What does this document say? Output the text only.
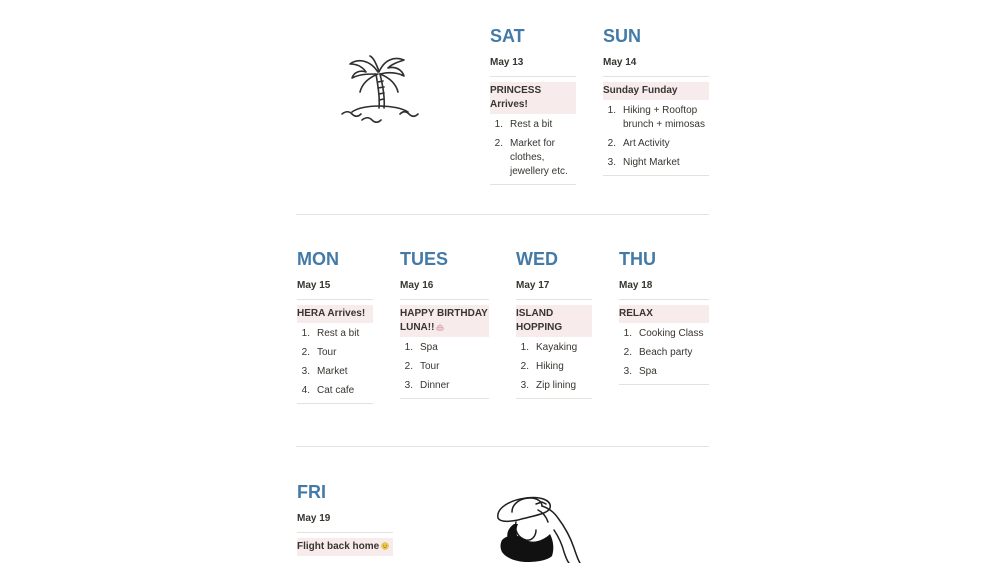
SAT
May 13
PRINCESS Arrives!
1. Rest a bit
2. Market for clothes, jewellery etc.
SUN
May 14
Sunday Funday
1. Hiking + Rooftop brunch + mimosas
2. Art Activity
3. Night Market
MON
May 15
HERA Arrives!
1. Rest a bit
2. Tour
3. Market
4. Cat cafe
TUES
May 16
HAPPY BIRTHDAY LUNA!!
1. Spa
2. Tour
3. Dinner
WED
May 17
ISLAND HOPPING
1. Kayaking
2. Hiking
3. Zip lining
THU
May 18
RELAX
1. Cooking Class
2. Beach party
3. Spa
FRI
May 19
Flight back home
